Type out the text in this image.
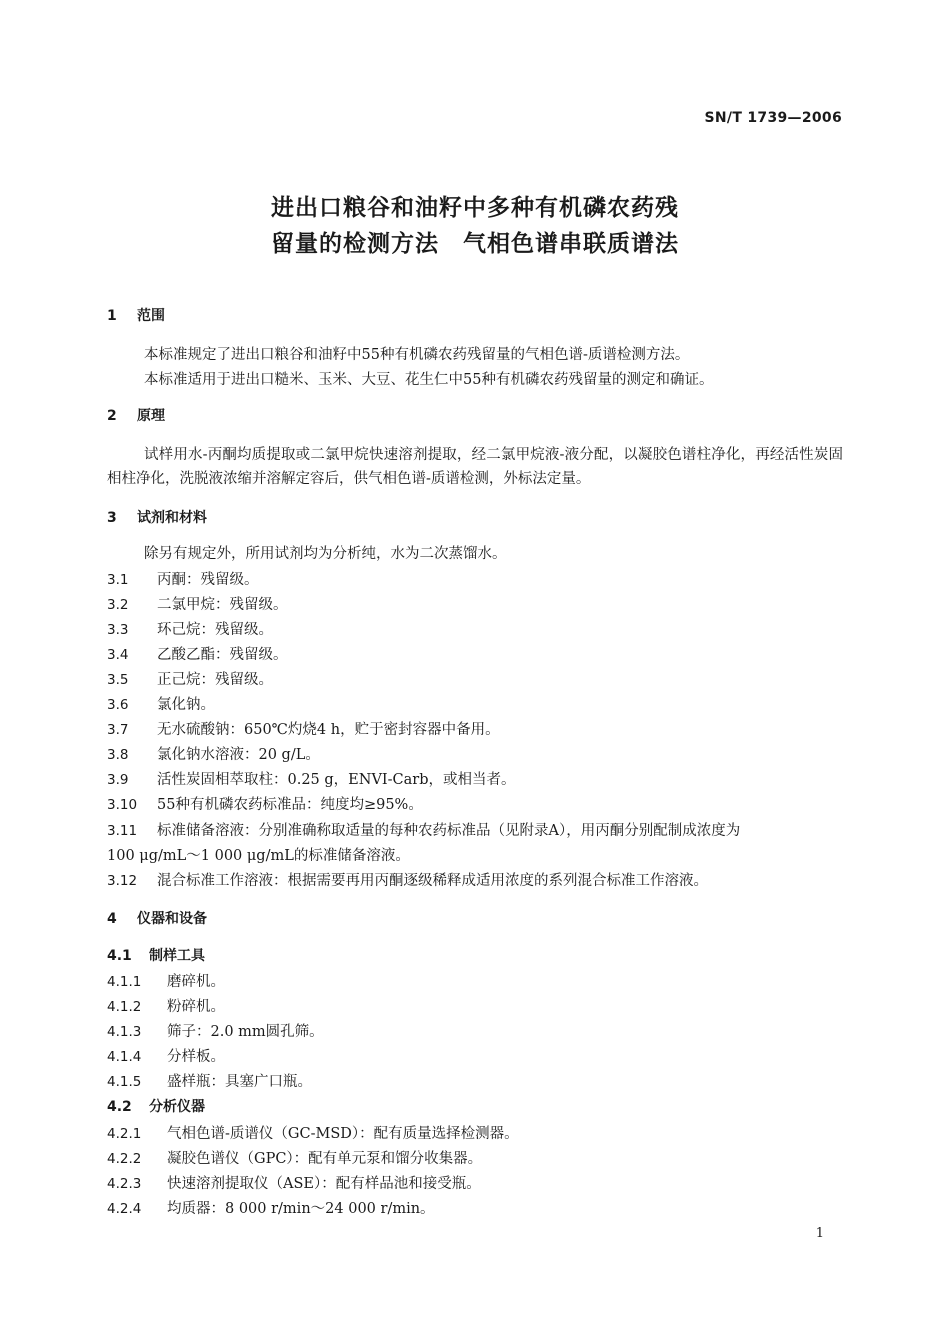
SN/T 1739—2006
进出口粮谷和油籽中多种有机磷农药残
留量的检测方法　气相色谱串联质谱法
1 范围
本标准规定了进出口粮谷和油籽中55种有机磷农药残留量的气相色谱-质谱检测方法。
本标准适用于进出口糙米、玉米、大豆、花生仁中55种有机磷农药残留量的测定和确证。
2 原理
试样用水-丙酮均质提取或二氯甲烷快速溶剂提取，经二氯甲烷液-液分配，以凝胶色谱柱净化，再经活性炭固相柱净化，洗脱液浓缩并溶解定容后，供气相色谱-质谱检测，外标法定量。
3 试剂和材料
除另有规定外，所用试剂均为分析纯，水为二次蒸馏水。
3.1 丙酮：残留级。
3.2 二氯甲烷：残留级。
3.3 环己烷：残留级。
3.4 乙酸乙酯：残留级。
3.5 正己烷：残留级。
3.6 氯化钠。
3.7 无水硫酸钠：650℃灼烧4 h，贮于密封容器中备用。
3.8 氯化钠水溶液：20 g/L。
3.9 活性炭固相萃取柱：0.25 g，ENVI-Carb，或相当者。
3.10 55种有机磷农药标准品：纯度均≥95%。
3.11 标准储备溶液：分别准确称取适量的每种农药标准品（见附录A），用丙酮分别配制成浓度为
100 μg/mL～1 000 μg/mL的标准储备溶液。
3.12 混合标准工作溶液：根据需要再用丙酮逐级稀释成适用浓度的系列混合标准工作溶液。
4 仪器和设备
4.1 制样工具
4.1.1 磨碎机。
4.1.2 粉碎机。
4.1.3 筛子：2.0 mm圆孔筛。
4.1.4 分样板。
4.1.5 盛样瓶：具塞广口瓶。
4.2 分析仪器
4.2.1 气相色谱-质谱仪（GC-MSD）：配有质量选择检测器。
4.2.2 凝胶色谱仪（GPC）：配有单元泵和馏分收集器。
4.2.3 快速溶剂提取仪（ASE）：配有样品池和接受瓶。
4.2.4 均质器：8 000 r/min～24 000 r/min。
1
